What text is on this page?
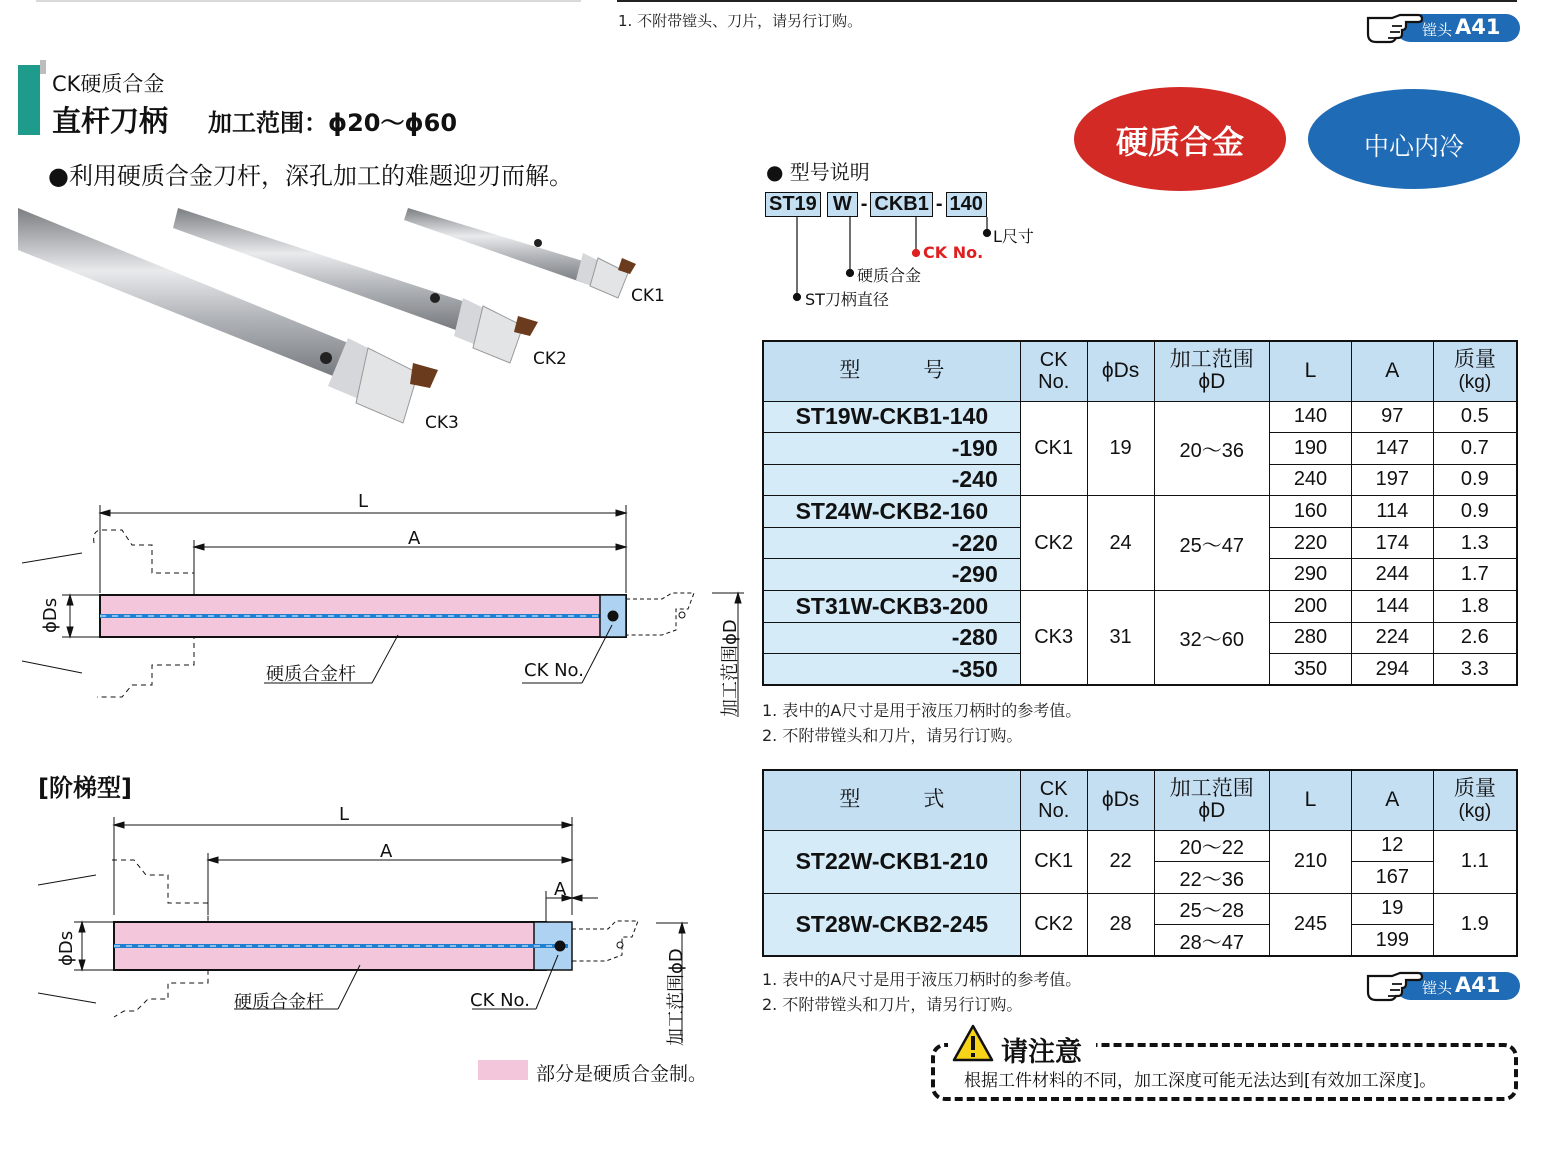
1. 不附带镗头、刀片，请另行订购。	镗头 A41
CK硬质合金
直杆刀柄 加工范围：ϕ20～ϕ60	硬质合金	中心内冷
●利用硬质合金刀杆，深孔加工的难题迎刃而解。
CK1
CK2
CK3
● 型号说明
ST19 W - CKB1 - 140
L尺寸
CK No.
硬质合金
ST刀柄直径
L
A
ϕDs
加工范围ϕD
硬质合金杆	CK No.
[阶梯型]
L
A
A
ϕDs	加工范围ϕD
硬质合金杆	CK No.
部分是硬质合金制。
型　　　号	CK
No.	ϕDs	加工范围
ϕD	L	A	质量
(kg)
ST19W-CKB1-140	CK1	19	20～36	140	97	0.5
-190				190	147	0.7
-240				240	197	0.9
ST24W-CKB2-160	CK2	24	25～47	160	114	0.9
-220				220	174	1.3
-290				290	244	1.7
ST31W-CKB3-200	CK3	31	32～60	200	144	1.8
-280				280	224	2.6
-350				350	294	3.3
1. 表中的A尺寸是用于液压刀柄时的参考值。
2. 不附带镗头和刀片，请另行订购。
型　　　式	CK
No.	ϕDs	加工范围
ϕD	L	A	质量
(kg)
ST22W-CKB1-210	CK1	22	20～22	210	12	1.1
			22～36		167	
ST28W-CKB2-245	CK2	28	25～28	245	19	1.9
			28～47		199	
1. 表中的A尺寸是用于液压刀柄时的参考值。
2. 不附带镗头和刀片，请另行订购。
镗头 A41
请注意
根据工件材料的不同，加工深度可能无法达到[有效加工深度]。
